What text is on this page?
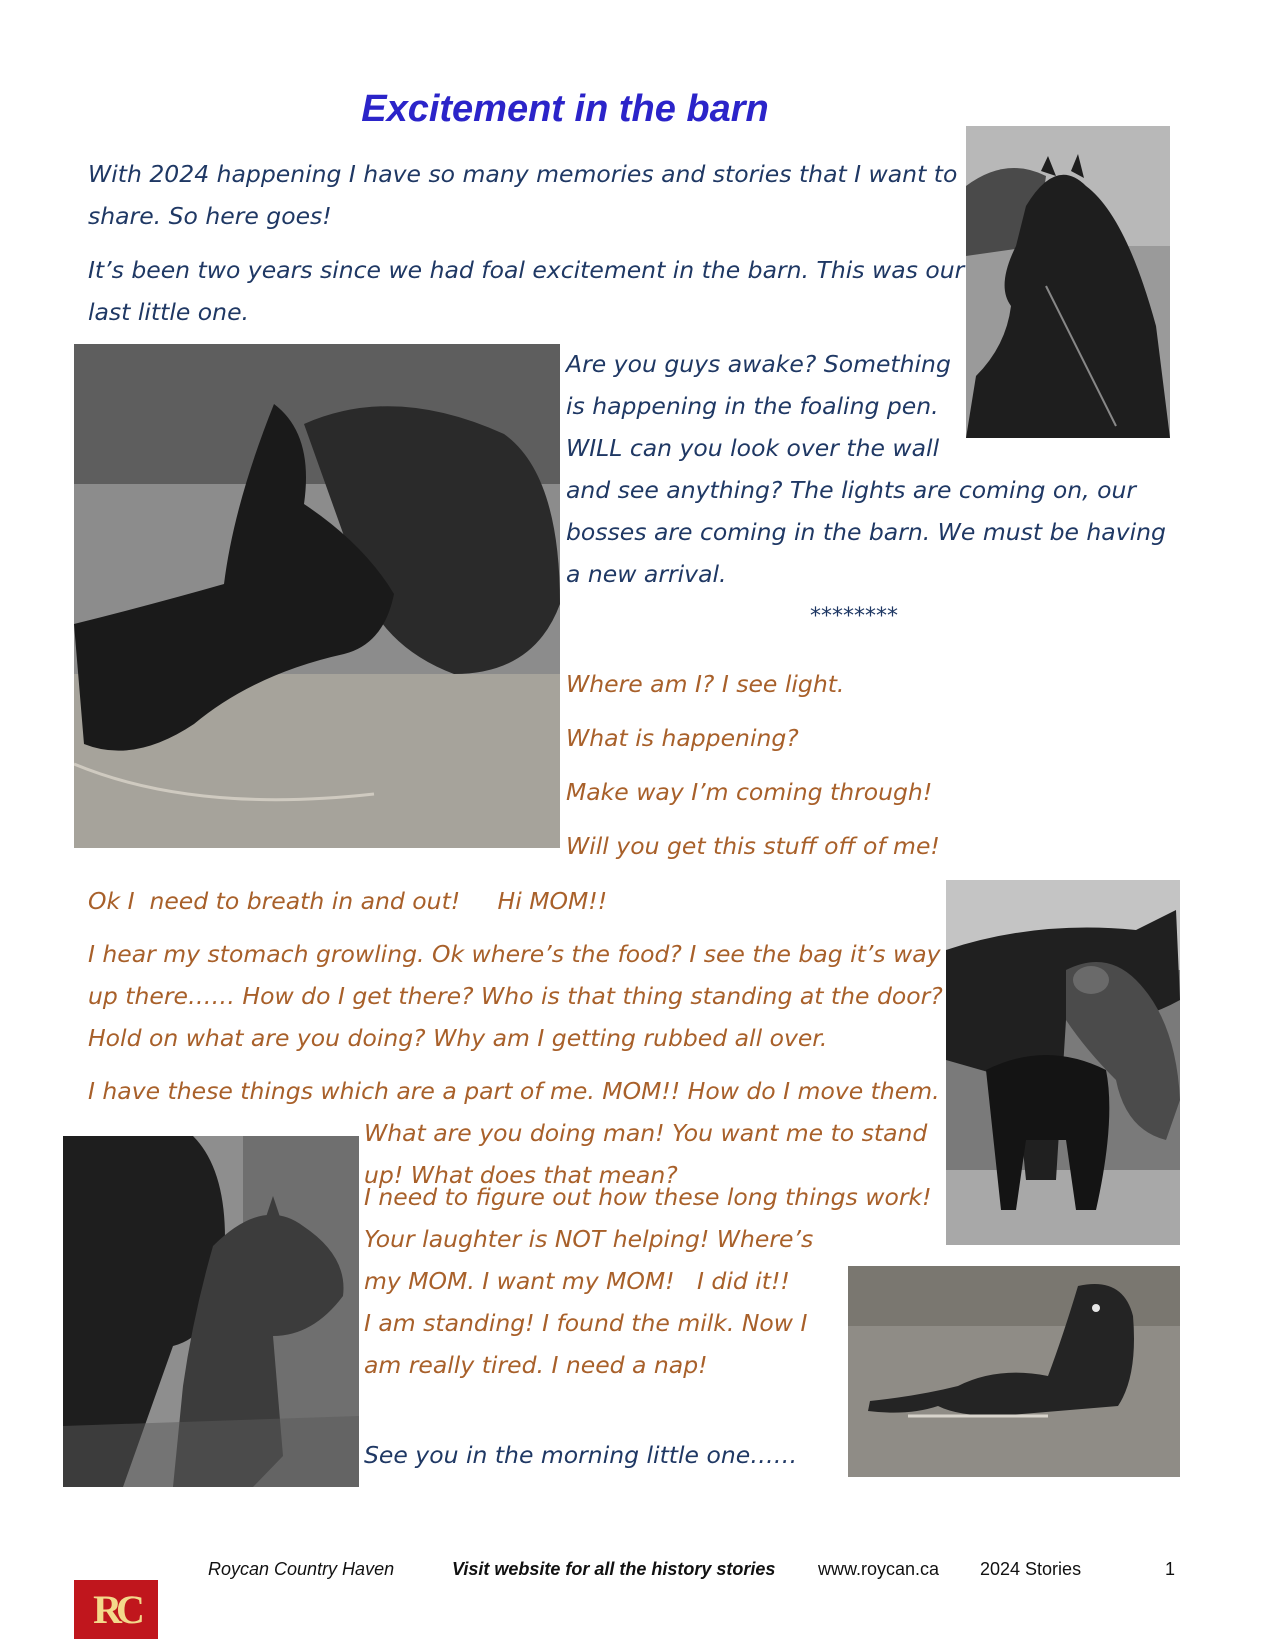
Excitement in the barn

With 2024 happening I have so many memories and stories that I want to

share. So here goes!

It’s been two years since we had foal excitement in the barn. This was our

last little one.

Are you guys awake? Something

is happening in the foaling pen.

WILL can you look over the wall

and see anything? The lights are coming on, our

bosses are coming in the barn. We must be having

a new arrival.

********

Where am I? I see light.

What is happening?

Make way I’m coming through!

Will you get this stuff off of me!

Ok I  need to breath in and out!     Hi MOM!!

I hear my stomach growling. Ok where’s the food? I see the bag it’s way

up there…… How do I get there? Who is that thing standing at the door?

Hold on what are you doing? Why am I getting rubbed all over.

I have these things which are a part of me. MOM!! How do I move them.

What are you doing man! You want me to stand

up! What does that mean?

I need to figure out how these long things work!

Your laughter is NOT helping! Where’s

my MOM. I want my MOM!   I did it!!

I am standing! I found the milk. Now I

am really tired. I need a nap!

See you in the morning little one……

RC
Roycan Country Haven	Visit website for all the history stories www.roycan.ca 2024 Stories	1
